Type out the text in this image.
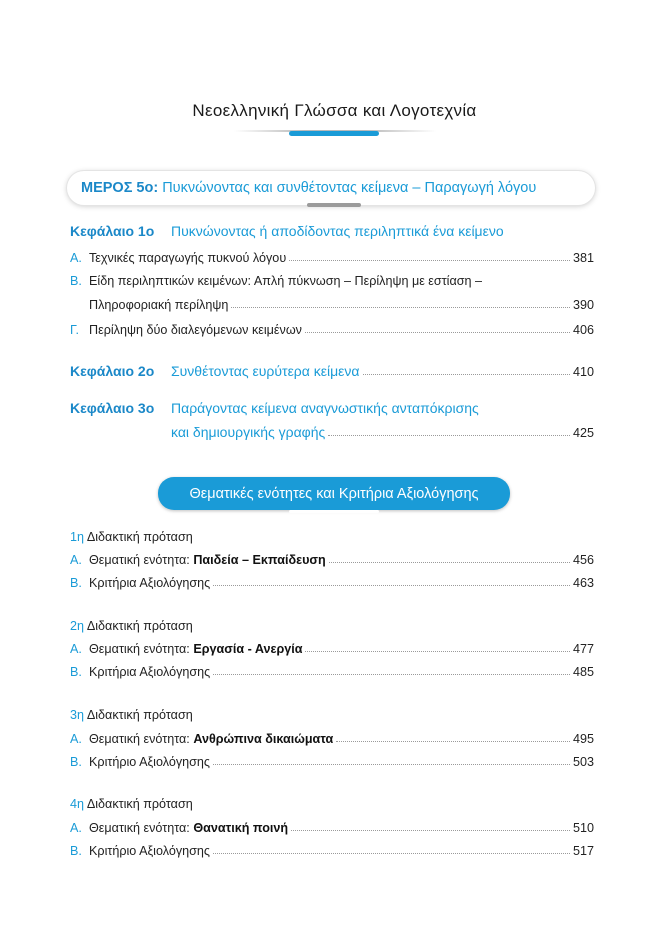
Νεοελληνική Γλώσσα και Λογοτεχνία
ΜΕΡΟΣ 5ο: Πυκνώνοντας και συνθέτοντας κείμενα – Παραγωγή λόγου
Κεφάλαιο 1ο Πυκνώνοντας ή αποδίδοντας περιληπτικά ένα κείμενο
Α. Τεχνικές παραγωγής πυκνού λόγου	381
Β. Είδη περιληπτικών κειμένων: Απλή πύκνωση – Περίληψη με εστίαση –
Πληροφοριακή περίληψη	390
Γ. Περίληψη δύο διαλεγόμενων κειμένων	406
Κεφάλαιο 2ο	Συνθέτοντας ευρύτερα κείμενα	410
Κεφάλαιο 3ο	Παράγοντας κείμενα αναγνωστικής ανταπόκρισης
και δημιουργικής γραφής	425
Θεματικές ενότητες και Κριτήρια Αξιολόγησης
1η Διδακτική πρόταση
Α. Θεματική ενότητα: Παιδεία – Εκπαίδευση	456
Β. Κριτήρια Αξιολόγησης	463
2η Διδακτική πρόταση
Α. Θεματική ενότητα: Εργασία - Ανεργία	477
Β. Κριτήρια Αξιολόγησης	485
3η Διδακτική πρόταση
Α. Θεματική ενότητα: Ανθρώπινα δικαιώματα	495
Β. Κριτήριο Αξιολόγησης	503
4η Διδακτική πρόταση
Α. Θεματική ενότητα: Θανατική ποινή	510
Β. Κριτήριο Αξιολόγησης	517
